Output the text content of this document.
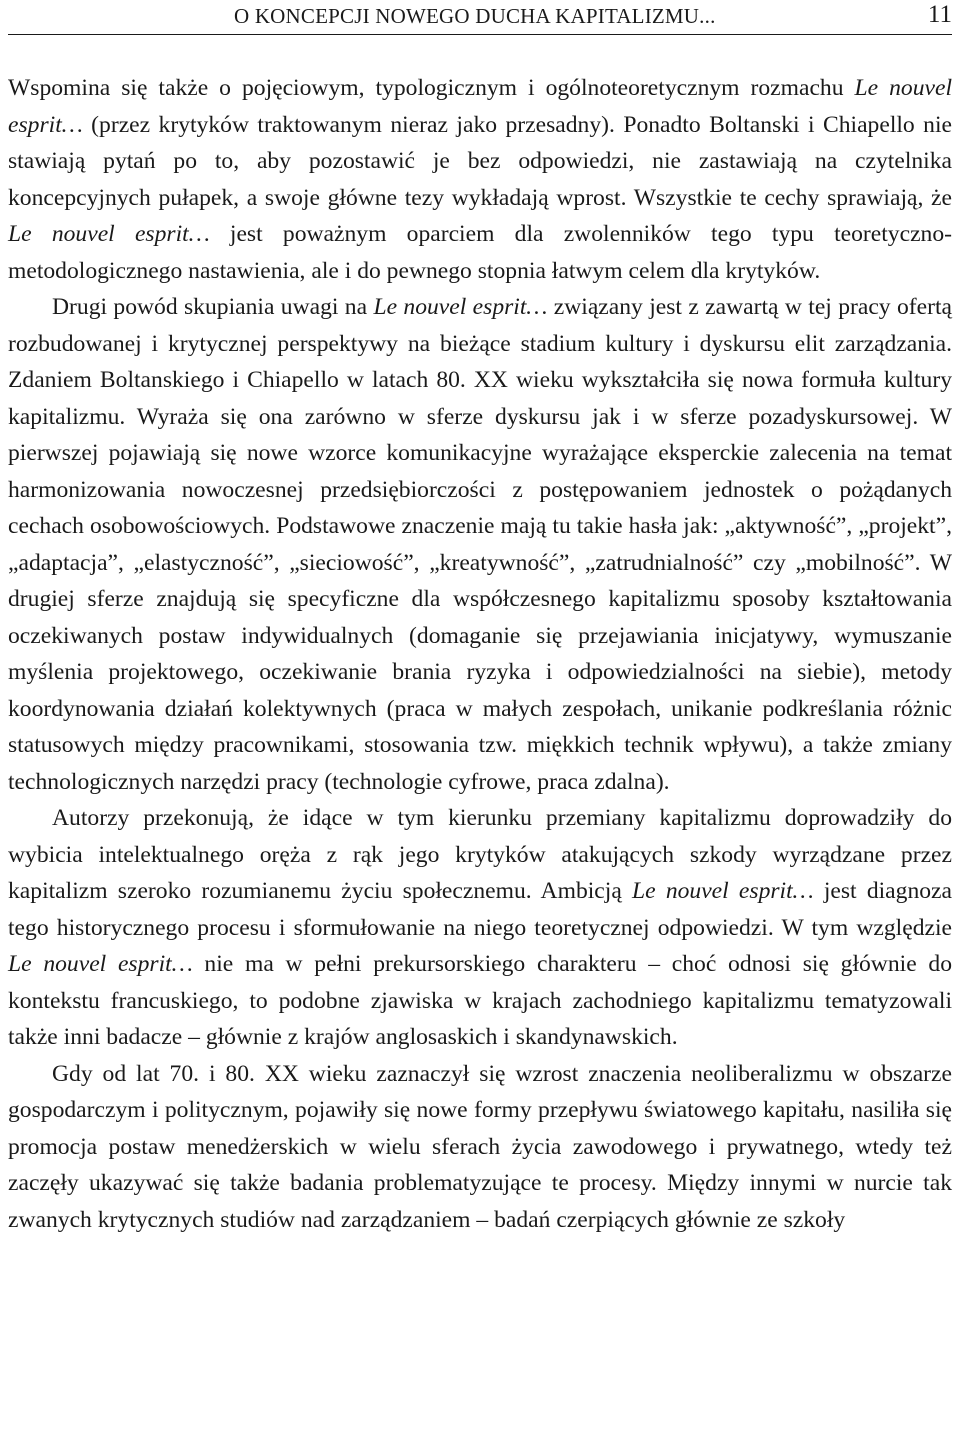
O KONCEPCJI NOWEGO DUCHA KAPITALIZMU...	11

Wspomina się także o pojęciowym, typologicznym i ogólnoteoretycznym rozmachu Le nouvel esprit… (przez krytyków traktowanym nieraz jako przesadny). Ponadto Boltanski i Chiapello nie stawiają pytań po to, aby pozostawić je bez odpowiedzi, nie zastawiają na czytelnika koncepcyjnych pułapek, a swoje główne tezy wykładają wprost. Wszystkie te cechy sprawiają, że Le nouvel esprit… jest poważnym oparciem dla zwolenników tego typu teoretyczno-metodologicznego nastawienia, ale i do pewnego stopnia łatwym celem dla krytyków.

Drugi powód skupiania uwagi na Le nouvel esprit… związany jest z zawartą w tej pracy ofertą rozbudowanej i krytycznej perspektywy na bieżące stadium kultury i dyskursu elit zarządzania. Zdaniem Boltanskiego i Chiapello w latach 80. XX wieku wykształciła się nowa formuła kultury kapitalizmu. Wyraża się ona zarówno w sferze dyskursu jak i w sferze pozadyskursowej. W pierwszej pojawiają się nowe wzorce komunikacyjne wyrażające eksperckie zalecenia na temat harmonizowania nowoczesnej przedsiębiorczości z postępowaniem jednostek o pożądanych cechach osobowościowych. Podstawowe znaczenie mają tu takie hasła jak: „aktywność”, „projekt”, „adaptacja”, „elastyczność”, „sieciowość”, „kreatywność”, „zatrudnialność” czy „mobilność”. W drugiej sferze znajdują się specyficzne dla współczesnego kapitalizmu sposoby kształtowania oczekiwanych postaw indywidualnych (domaganie się przejawiania inicjatywy, wymuszanie myślenia projektowego, oczekiwanie brania ryzyka i odpowiedzialności na siebie), metody koordynowania działań kolektywnych (praca w małych zespołach, unikanie podkreślania różnic statusowych między pracownikami, stosowania tzw. miękkich technik wpływu), a także zmiany technologicznych narzędzi pracy (technologie cyfrowe, praca zdalna).

Autorzy przekonują, że idące w tym kierunku przemiany kapitalizmu doprowadziły do wybicia intelektualnego oręża z rąk jego krytyków atakujących szkody wyrządzane przez kapitalizm szeroko rozumianemu życiu społecznemu. Ambicją Le nouvel esprit… jest diagnoza tego historycznego procesu i sformułowanie na niego teoretycznej odpowiedzi. W tym względzie Le nouvel esprit… nie ma w pełni prekursorskiego charakteru – choć odnosi się głównie do kontekstu francuskiego, to podobne zjawiska w krajach zachodniego kapitalizmu tematyzowali także inni badacze – głównie z krajów anglosaskich i skandynawskich.

Gdy od lat 70. i 80. XX wieku zaznaczył się wzrost znaczenia neoliberalizmu w obszarze gospodarczym i politycznym, pojawiły się nowe formy przepływu światowego kapitału, nasiliła się promocja postaw menedżerskich w wielu sferach życia zawodowego i prywatnego, wtedy też zaczęły ukazywać się także badania problematyzujące te procesy. Między innymi w nurcie tak zwanych krytycznych studiów nad zarządzaniem – badań czerpiących głównie ze szkoły
